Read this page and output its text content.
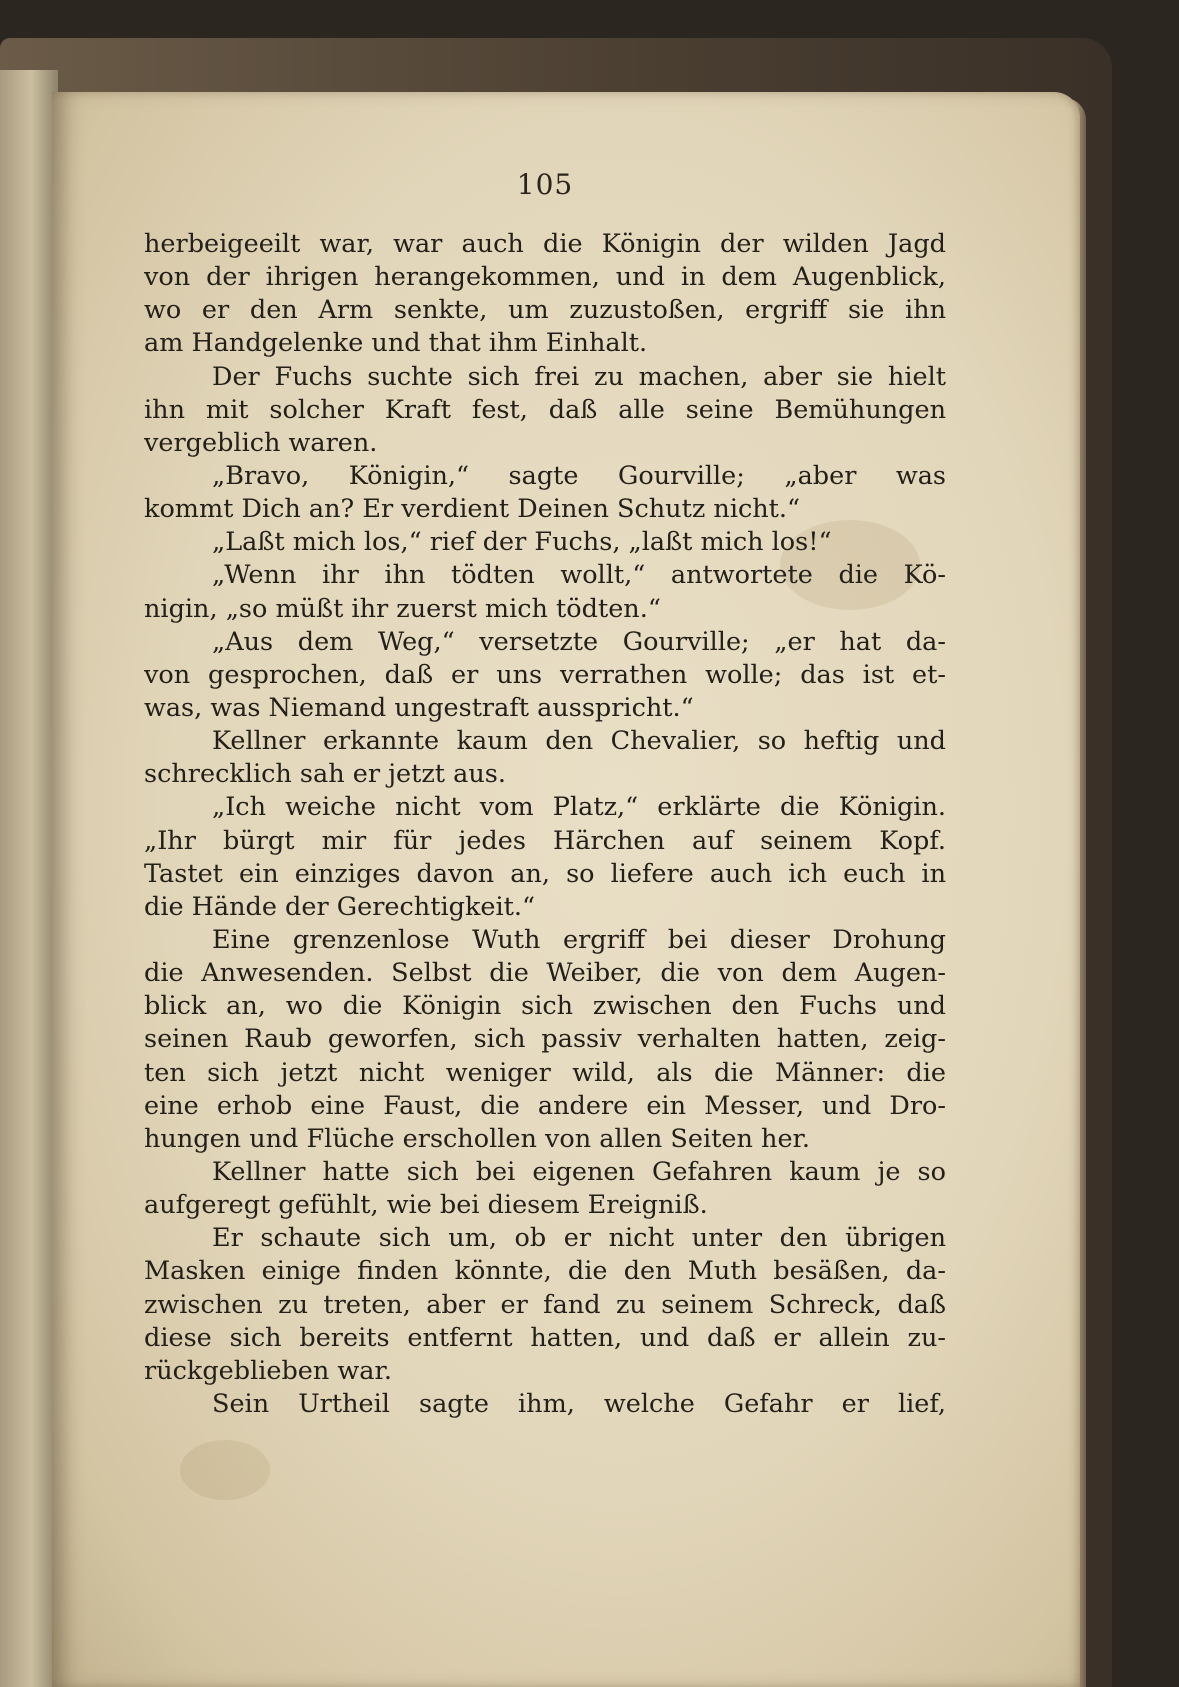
105
herbeigeeilt war, war auch die Königin der wilden Jagd
von der ihrigen herangekommen, und in dem Augenblick,
wo er den Arm senkte, um zuzustoßen, ergriff sie ihn
am Handgelenke und that ihm Einhalt.
Der Fuchs suchte sich frei zu machen, aber sie hielt
ihn mit solcher Kraft fest, daß alle seine Bemühungen
vergeblich waren.
„Bravo, Königin,“ sagte Gourville; „aber was
kommt Dich an? Er verdient Deinen Schutz nicht.“
„Laßt mich los,“ rief der Fuchs, „laßt mich los!“
„Wenn ihr ihn tödten wollt,“ antwortete die Kö-
nigin, „so müßt ihr zuerst mich tödten.“
„Aus dem Weg,“ versetzte Gourville; „er hat da-
von gesprochen, daß er uns verrathen wolle; das ist et-
was, was Niemand ungestraft ausspricht.“
Kellner erkannte kaum den Chevalier, so heftig und
schrecklich sah er jetzt aus.
„Ich weiche nicht vom Platz,“ erklärte die Königin.
„Ihr bürgt mir für jedes Härchen auf seinem Kopf.
Tastet ein einziges davon an, so liefere auch ich euch in
die Hände der Gerechtigkeit.“
Eine grenzenlose Wuth ergriff bei dieser Drohung
die Anwesenden. Selbst die Weiber, die von dem Augen-
blick an, wo die Königin sich zwischen den Fuchs und
seinen Raub geworfen, sich passiv verhalten hatten, zeig-
ten sich jetzt nicht weniger wild, als die Männer: die
eine erhob eine Faust, die andere ein Messer, und Dro-
hungen und Flüche erschollen von allen Seiten her.
Kellner hatte sich bei eigenen Gefahren kaum je so
aufgeregt gefühlt, wie bei diesem Ereigniß.
Er schaute sich um, ob er nicht unter den übrigen
Masken einige finden könnte, die den Muth besäßen, da-
zwischen zu treten, aber er fand zu seinem Schreck, daß
diese sich bereits entfernt hatten, und daß er allein zu-
rückgeblieben war.
Sein Urtheil sagte ihm, welche Gefahr er lief,
